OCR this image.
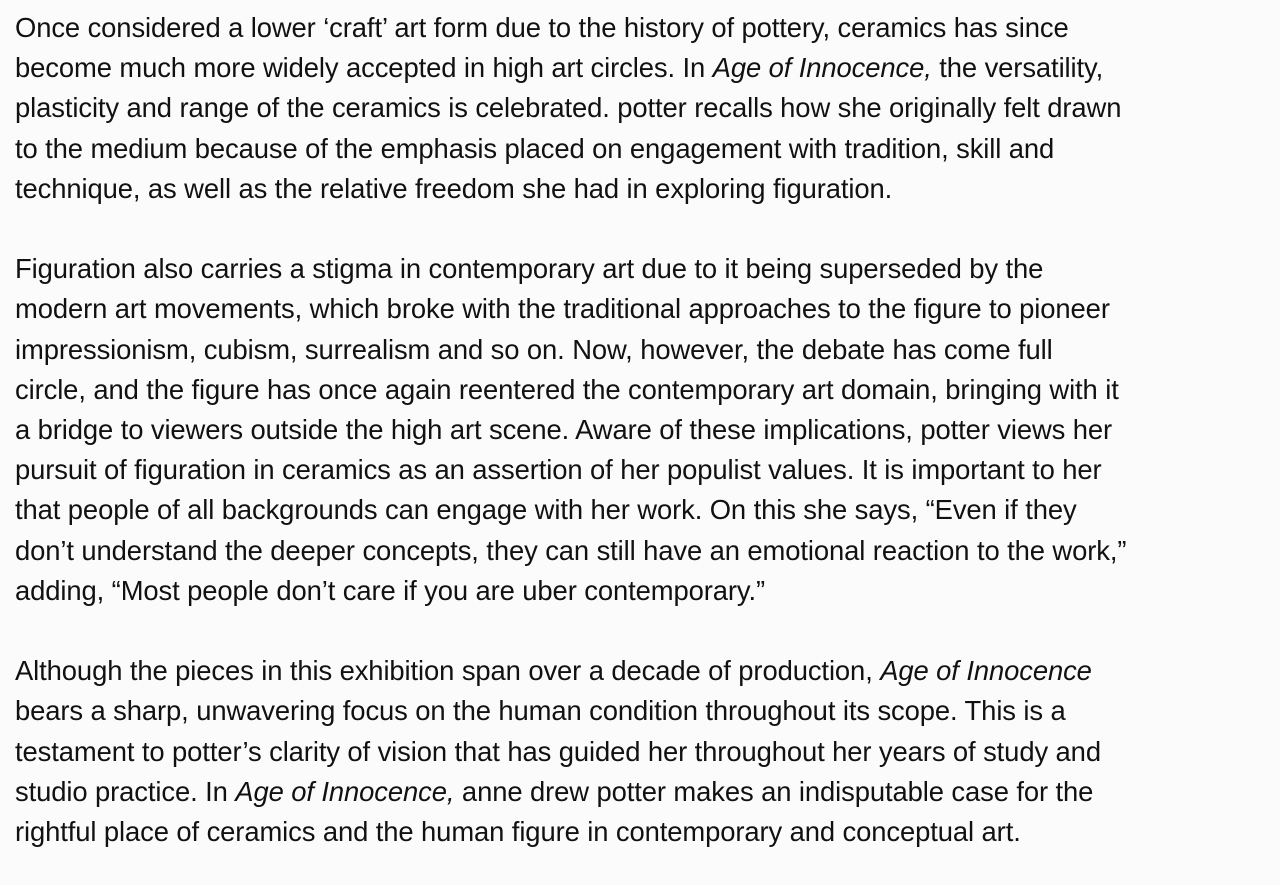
Once considered a lower ‘craft’ art form due to the history of pottery, ceramics has since
become much more widely accepted in high art circles. In Age of Innocence, the versatility,
plasticity and range of the ceramics is celebrated. potter recalls how she originally felt drawn
to the medium because of the emphasis placed on engagement with tradition, skill and
technique, as well as the relative freedom she had in exploring figuration.

Figuration also carries a stigma in contemporary art due to it being superseded by the
modern art movements, which broke with the traditional approaches to the figure to pioneer
impressionism, cubism, surrealism and so on. Now, however, the debate has come full
circle, and the figure has once again reentered the contemporary art domain, bringing with it
a bridge to viewers outside the high art scene. Aware of these implications, potter views her
pursuit of figuration in ceramics as an assertion of her populist values. It is important to her
that people of all backgrounds can engage with her work. On this she says, “Even if they
don’t understand the deeper concepts, they can still have an emotional reaction to the work,”
adding, “Most people don’t care if you are uber contemporary.”

Although the pieces in this exhibition span over a decade of production, Age of Innocence
bears a sharp, unwavering focus on the human condition throughout its scope. This is a
testament to potter’s clarity of vision that has guided her throughout her years of study and
studio practice. In Age of Innocence, anne drew potter makes an indisputable case for the
rightful place of ceramics and the human figure in contemporary and conceptual art.
